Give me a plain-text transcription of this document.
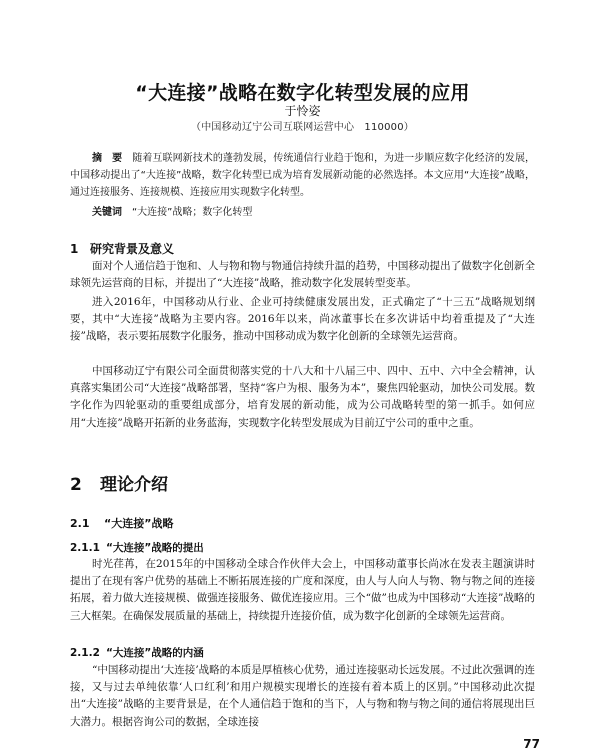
“大连接”战略在数字化转型发展的应用
于怜姿
（中国移动辽宁公司互联网运营中心　110000）
摘　要　随着互联网新技术的蓬勃发展，传统通信行业趋于饱和，为进一步顺应数字化经济的发展，中国移动提出了“大连接”战略，数字化转型已成为培育发展新动能的必然选择。本文应用“大连接”战略，通过连接服务、连接规模、连接应用实现数字化转型。
关键词　“大连接”战略；数字化转型
1 研究背景及意义
面对个人通信趋于饱和、人与物和物与物通信持续升温的趋势，中国移动提出了做数字化创新全球领先运营商的目标，并提出了“大连接”战略，推动数字化发展转型变革。
进入2016年，中国移动从行业、企业可持续健康发展出发，正式确定了“十三五”战略规划纲要，其中“大连接”战略为主要内容。2016年以来，尚冰董事长在多次讲话中均着重提及了“大连接”战略，表示要拓展数字化服务，推动中国移动成为数字化创新的全球领先运营商。
中国移动辽宁有限公司全面贯彻落实党的十八大和十八届三中、四中、五中、六中全会精神，认真落实集团公司“大连接”战略部署，坚持“客户为根、服务为本”，聚焦四轮驱动，加快公司发展。数字化作为四轮驱动的重要组成部分，培育发展的新动能，成为公司战略转型的第一抓手。如何应用“大连接”战略开拓新的业务蓝海，实现数字化转型发展成为目前辽宁公司的重中之重。
2 理论介绍
2.1 “大连接”战略
2.1.1 “大连接”战略的提出
时光荏苒，在2015年的中国移动全球合作伙伴大会上，中国移动董事长尚冰在发表主题演讲时提出了在现有客户优势的基础上不断拓展连接的广度和深度，由人与人向人与物、物与物之间的连接拓展，着力做大连接规模、做强连接服务、做优连接应用。三个“做”也成为中国移动“大连接”战略的三大框架。在确保发展质量的基础上，持续提升连接价值，成为数字化创新的全球领先运营商。
2.1.2 “大连接”战略的内涵
“中国移动提出‘大连接’战略的本质是厚植核心优势，通过连接驱动长远发展。不过此次强调的连接，又与过去单纯依靠‘人口红利’和用户规模实现增长的连接有着本质上的区别。”中国移动此次提出“大连接”战略的主要背景是，在个人通信趋于饱和的当下，人与物和物与物之间的通信将展现出巨大潜力。根据咨询公司的数据，全球连接
77
